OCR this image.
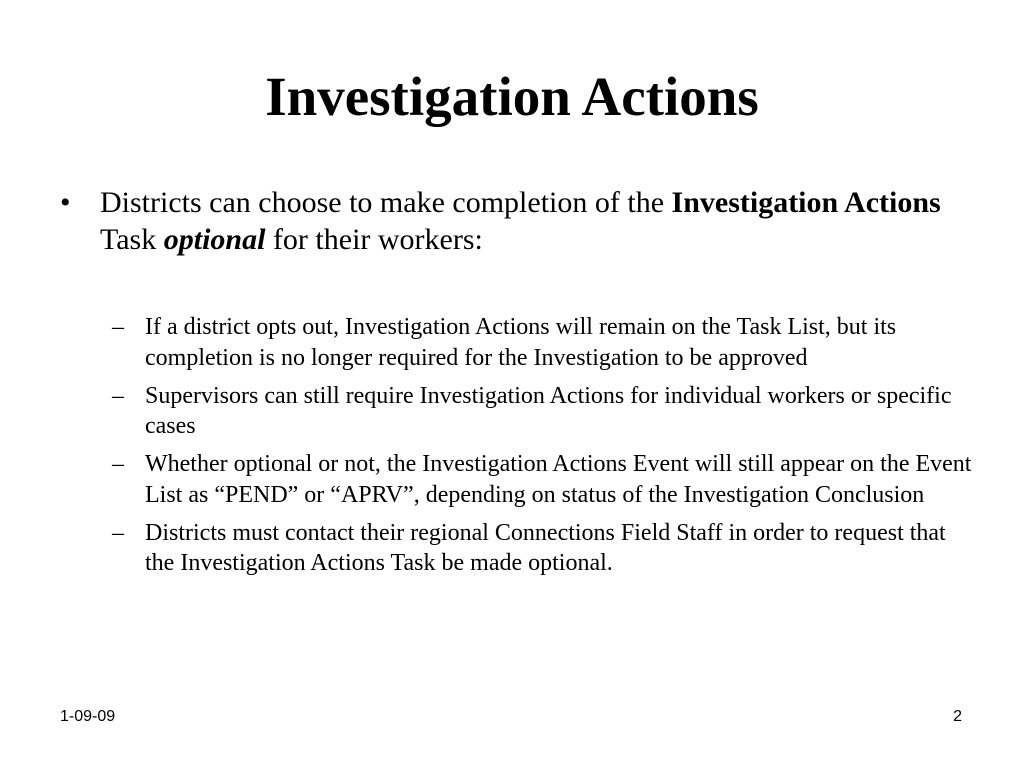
Investigation Actions
• Districts can choose to make completion of the Investigation Actions Task optional for their workers:
– If a district opts out, Investigation Actions will remain on the Task List, but its completion is no longer required for the Investigation to be approved
– Supervisors can still require Investigation Actions for individual workers or specific cases
– Whether optional or not, the Investigation Actions Event will still appear on the Event List as “PEND” or “APRV”, depending on status of the Investigation Conclusion
– Districts must contact their regional Connections Field Staff in order to request that the Investigation Actions Task be made optional.
1-09-09	2
